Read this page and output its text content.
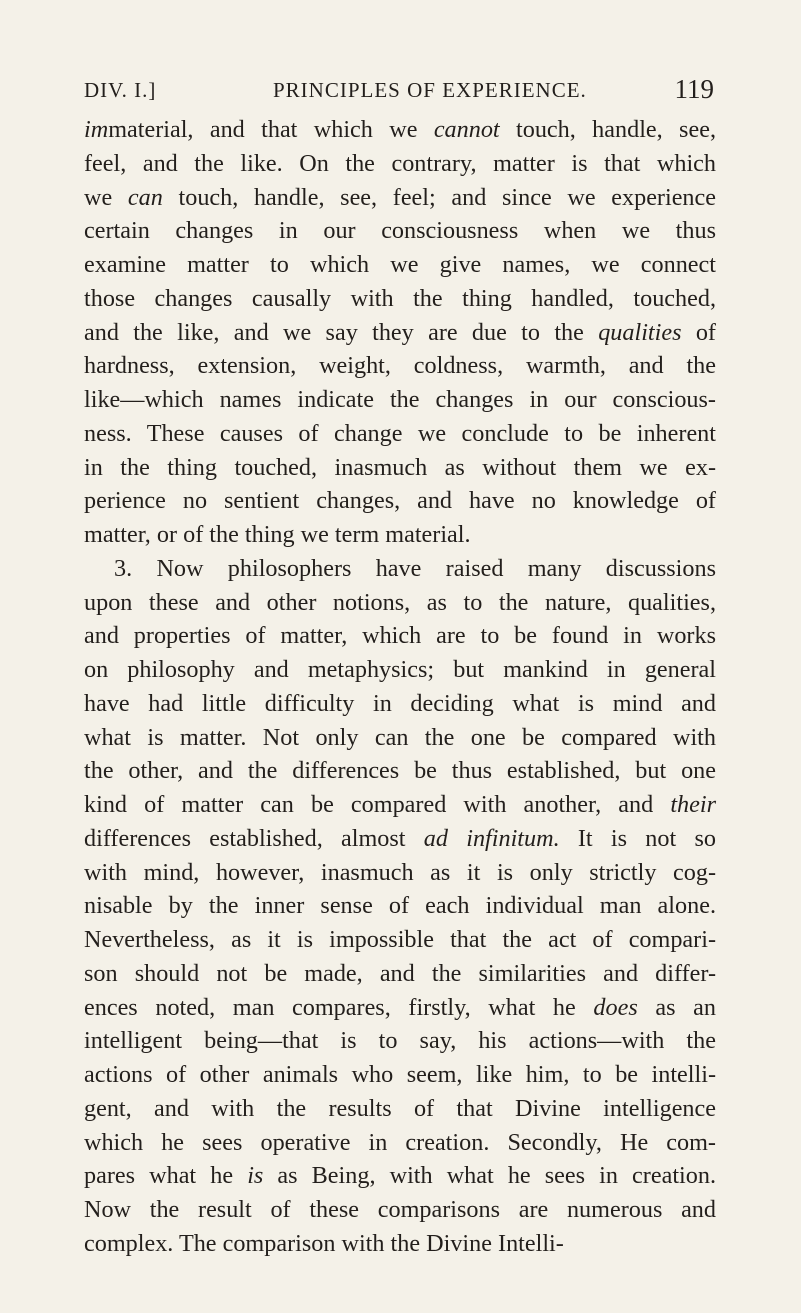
DIV. I.]	PRINCIPLES OF EXPERIENCE.	119
immaterial, and that which we cannot touch, handle, see,
feel, and the like. On the contrary, matter is that which
we can touch, handle, see, feel; and since we experience
certain changes in our consciousness when we thus
examine matter to which we give names, we connect
those changes causally with the thing handled, touched,
and the like, and we say they are due to the qualities of
hardness, extension, weight, coldness, warmth, and the
like—which names indicate the changes in our conscious-
ness. These causes of change we conclude to be inherent
in the thing touched, inasmuch as without them we ex-
perience no sentient changes, and have no knowledge of
matter, or of the thing we term material.
3. Now philosophers have raised many discussions
upon these and other notions, as to the nature, qualities,
and properties of matter, which are to be found in works
on philosophy and metaphysics; but mankind in general
have had little difficulty in deciding what is mind and
what is matter. Not only can the one be compared with
the other, and the differences be thus established, but one
kind of matter can be compared with another, and their
differences established, almost ad infinitum. It is not so
with mind, however, inasmuch as it is only strictly cog-
nisable by the inner sense of each individual man alone.
Nevertheless, as it is impossible that the act of compari-
son should not be made, and the similarities and differ-
ences noted, man compares, firstly, what he does as an
intelligent being—that is to say, his actions—with the
actions of other animals who seem, like him, to be intelli-
gent, and with the results of that Divine intelligence
which he sees operative in creation. Secondly, He com-
pares what he is as Being, with what he sees in creation.
Now the result of these comparisons are numerous and
complex. The comparison with the Divine Intelli-
